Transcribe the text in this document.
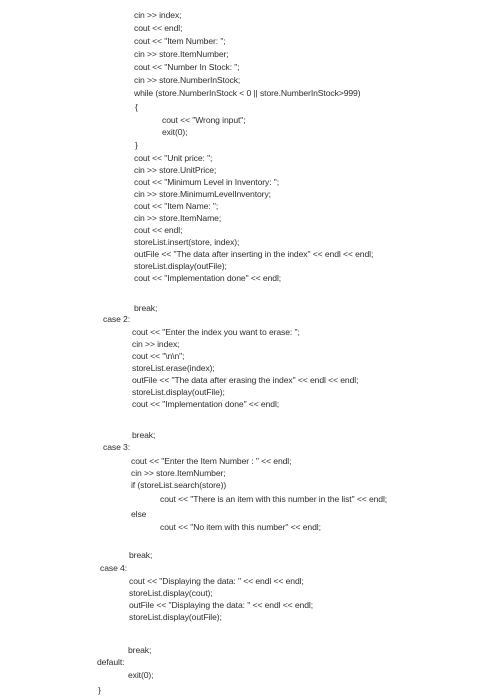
cin >> index;
cout << endl;
cout << "Item Number: ";
cin >> store.ItemNumber;
cout << "Number In Stock: ";
cin >> store.NumberInStock;
while (store.NumberInStock < 0 || store.NumberInStock>999)
{
cout << "Wrong input";
exit(0);
}
cout << "Unit price: ";
cin >> store.UnitPrice;
cout << "Minimum Level in Inventory: ";
cin >> store.MinimumLevelInventory;
cout << "Item Name: ";
cin >> store.ItemName;
cout << endl;
storeList.insert(store, index);
outFile << "The data after inserting in the index" << endl << endl;
storeList.display(outFile);
cout << "Implementation done" << endl;
break;
case 2:
cout << "Enter the index you want to erase: ";
cin >> index;
cout << "\n\n";
storeList.erase(index);
outFile << "The data after erasing the index" << endl << endl;
storeList.display(outFile);
cout << "Implementation done" << endl;
break;
case 3:
cout << "Enter the Item Number : " << endl;
cin >> store.ItemNumber;
if (storeList.search(store))
cout << "There is an item with this number in the list" << endl;
else
cout << "No item with this number" << endl;
break;
case 4:
cout << "Displaying the data: " << endl << endl;
storeList.display(cout);
outFile << "Displaying the data: " << endl << endl;
storeList.display(outFile);
break;
default:
exit(0);
}
